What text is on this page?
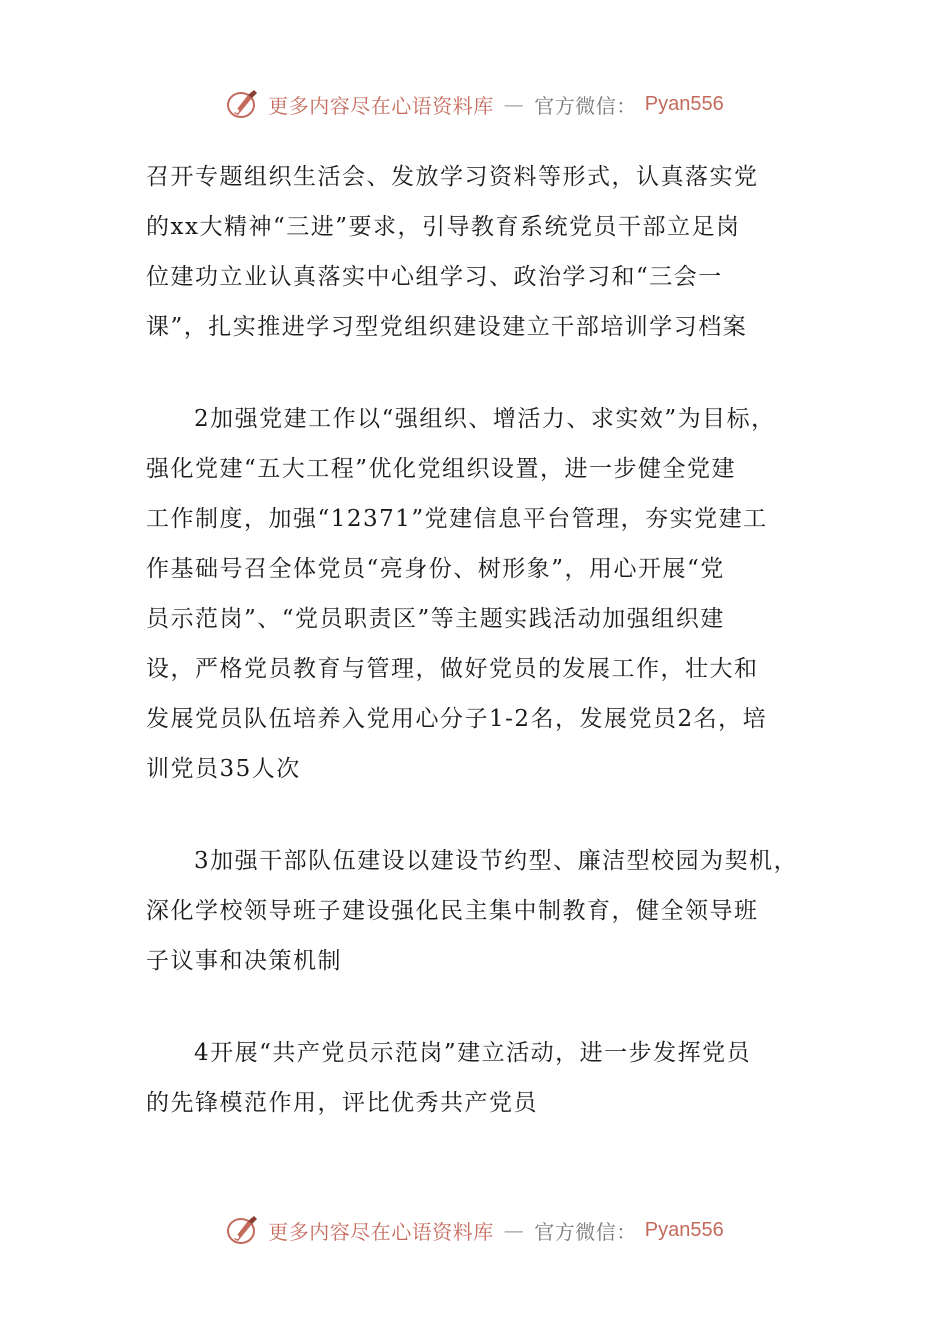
更多内容尽在心语资料库 — 官方微信： Pyan556
召开专题组织生活会、发放学习资料等形式，认真落实党
的xx大精神“三进”要求，引导教育系统党员干部立足岗
位建功立业认真落实中心组学习、政治学习和“三会一
课”，扎实推进学习型党组织建设建立干部培训学习档案
2加强党建工作以“强组织、增活力、求实效”为目标，
强化党建“五大工程”优化党组织设置，进一步健全党建
工作制度，加强“12371”党建信息平台管理，夯实党建工
作基础号召全体党员“亮身份、树形象”，用心开展“党
员示范岗”、“党员职责区”等主题实践活动加强组织建
设，严格党员教育与管理，做好党员的发展工作，壮大和
发展党员队伍培养入党用心分子1-2名，发展党员2名，培
训党员35人次
3加强干部队伍建设以建设节约型、廉洁型校园为契机，
深化学校领导班子建设强化民主集中制教育，健全领导班
子议事和决策机制
4开展“共产党员示范岗”建立活动，进一步发挥党员
的先锋模范作用，评比优秀共产党员
更多内容尽在心语资料库 — 官方微信： Pyan556
